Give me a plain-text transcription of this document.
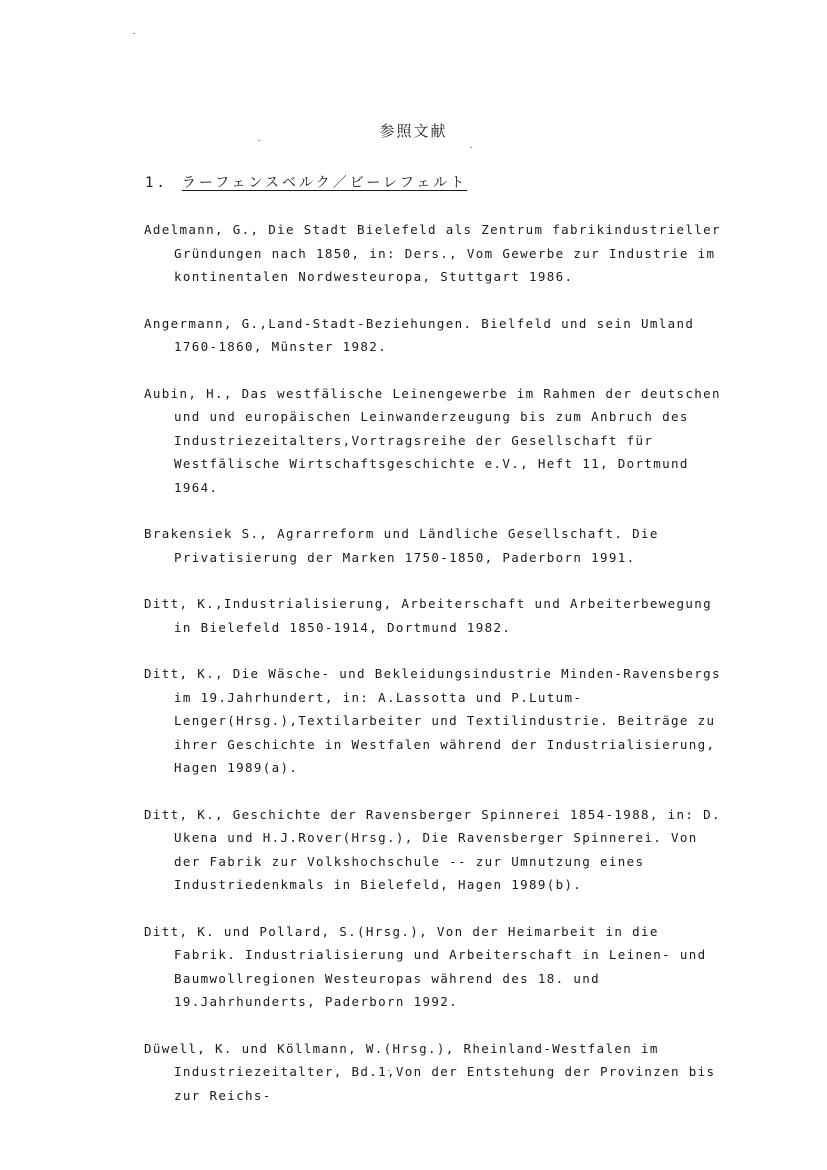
参照文献
1. ラーフェンスベルク／ビーレフェルト

Adelmann, G., Die Stadt Bielefeld als Zentrum fabrikindustrieller Gründungen nach 1850, in: Ders., Vom Gewerbe zur Industrie im kontinentalen Nordwesteuropa, Stuttgart 1986.

Angermann, G.,Land-Stadt-Beziehungen. Bielfeld und sein Umland 1760-1860, Münster 1982.

Aubin, H., Das westfälische Leinengewerbe im Rahmen der deutschen und und europäischen Leinwanderzeugung bis zum Anbruch des Industriezeitalters,Vortragsreihe der Gesellschaft für Westfälische Wirtschaftsgeschichte e.V., Heft 11, Dortmund 1964.

Brakensiek S., Agrarreform und Ländliche Gesellschaft. Die Privatisierung der Marken 1750-1850, Paderborn 1991.

Ditt, K.,Industrialisierung, Arbeiterschaft und Arbeiterbewegung in Bielefeld 1850-1914, Dortmund 1982.

Ditt, K., Die Wäsche- und Bekleidungsindustrie Minden-Ravensbergs im 19.Jahrhundert, in: A.Lassotta und P.Lutum-Lenger(Hrsg.),Textilarbeiter und Textilindustrie. Beiträge zu ihrer Geschichte in Westfalen während der Industrialisierung, Hagen 1989(a).

Ditt, K., Geschichte der Ravensberger Spinnerei 1854-1988, in: D. Ukena und H.J.Rover(Hrsg.), Die Ravensberger Spinnerei. Von der Fabrik zur Volkshochschule -- zur Umnutzung eines Industriedenkmals in Bielefeld, Hagen 1989(b).

Ditt, K. und Pollard, S.(Hrsg.), Von der Heimarbeit in die Fabrik. Industrialisierung und Arbeiterschaft in Leinen- und Baumwollregionen Westeuropas während des 18. und 19.Jahrhunderts, Paderborn 1992.

Düwell, K. und Köllmann, W.(Hrsg.), Rheinland-Westfalen im Industriezeitalter, Bd.1,Von der Entstehung der Provinzen bis zur Reichs-
